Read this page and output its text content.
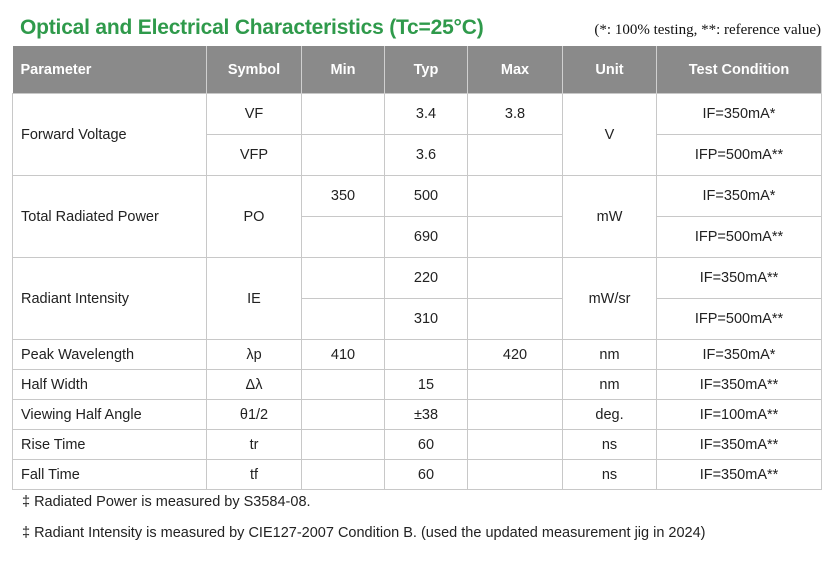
Optical and Electrical Characteristics (Tc=25°C)	(*: 100% testing, **: reference value)
Parameter	Symbol	Min	Typ	Max	Unit	Test Condition
Forward Voltage	VF		3.4	3.8	V	IF=350mA*
	VFP		3.6			IFP=500mA**
Total Radiated Power	PO	350	500		mW	IF=350mA*
			690			IFP=500mA**
Radiant Intensity	IE		220		mW/sr	IF=350mA**
			310			IFP=500mA**
Peak Wavelength	λp	410		420	nm	IF=350mA*
Half Width	Δλ		15		nm	IF=350mA**
Viewing Half Angle	θ1/2		±38		deg.	IF=100mA**
Rise Time	tr		60		ns	IF=350mA**
Fall Time	tf		60		ns	IF=350mA**
‡ Radiated Power is measured by S3584-08.
‡ Radiant Intensity is measured by CIE127-2007 Condition B. (used the updated measurement jig in 2024)
